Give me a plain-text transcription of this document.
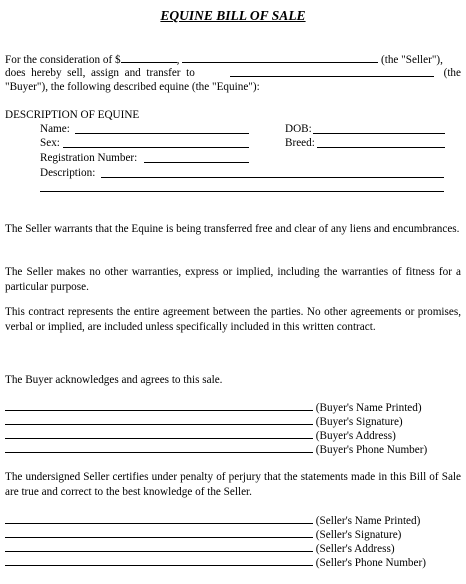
EQUINE BILL OF SALE
For the consideration of $	,	(the "Seller"),
does  hereby  sell,  assign  and  transfer  to	(the
"Buyer"), the following described equine (the "Equine"):
DESCRIPTION OF EQUINE
Name:	DOB:
Sex:	Breed:
Registration Number:
Description:
The Seller warrants that the Equine is being transferred free and clear of any liens and encumbrances.
The Seller makes no other warranties, express or implied, including the warranties of fitness for a particular purpose.
This contract represents the entire agreement between the parties. No other agreements or promises, verbal or implied, are included unless specifically included in this written contract.
The Buyer acknowledges and agrees to this sale.
(Buyer's Name Printed)
(Buyer's Signature)
(Buyer's Address)
(Buyer's Phone Number)
The undersigned Seller certifies under penalty of perjury that the statements made in this Bill of Sale are true and correct to the best knowledge of the Seller.
(Seller's Name Printed)
(Seller's Signature)
(Seller's Address)
(Seller's Phone Number)
